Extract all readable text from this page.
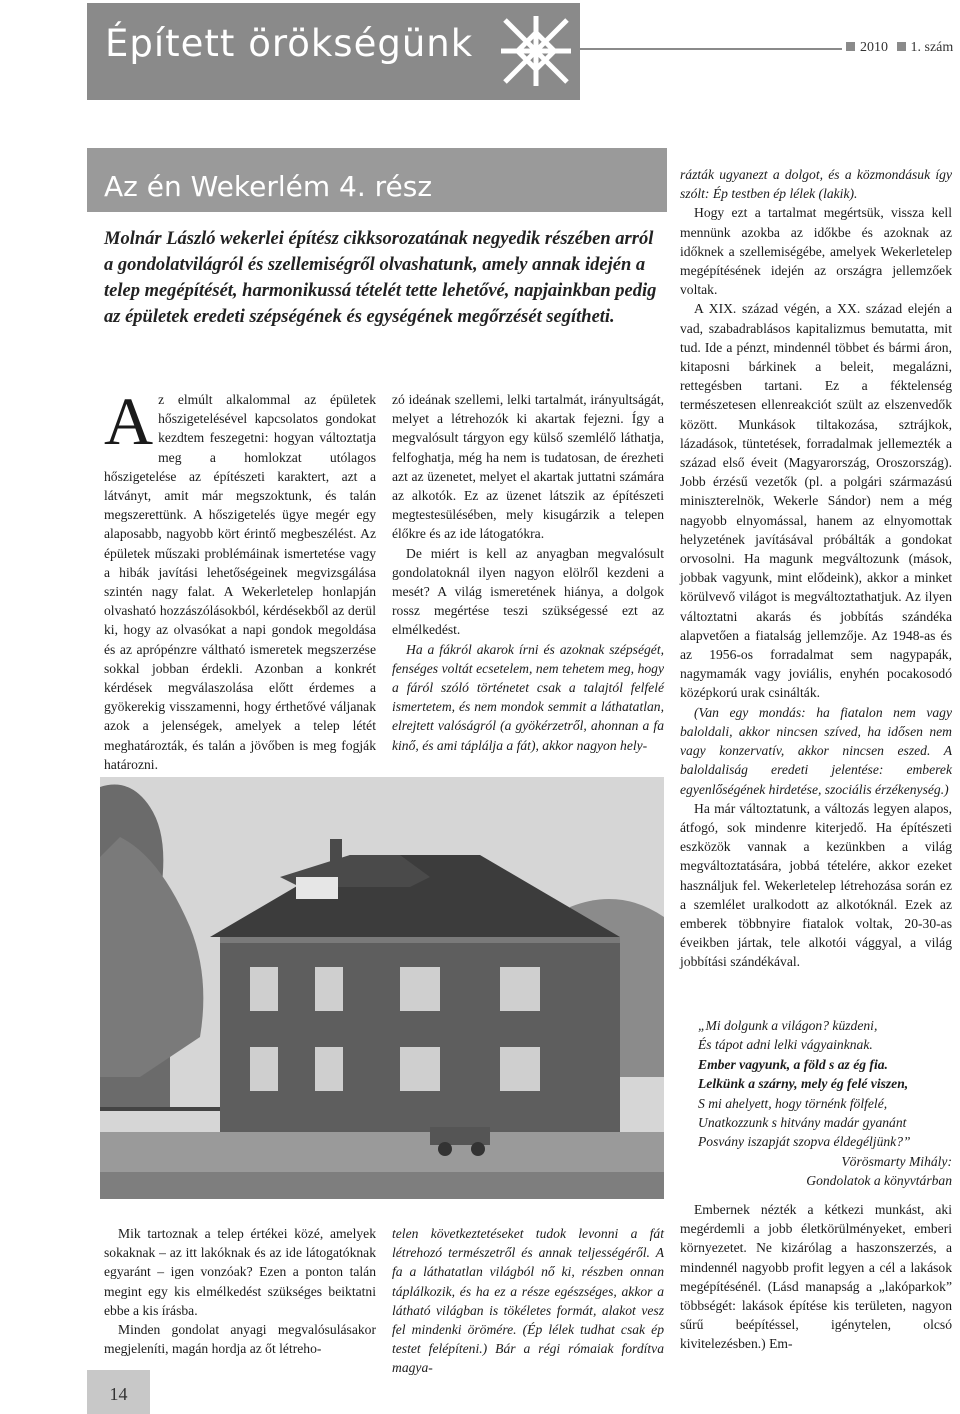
Épített örökségünk	2010 1. szám
Az én Wekerlém 4. rész
Molnár László wekerlei építész cikksorozatának negyedik részében arról a gondolatvilágról és szellemiségről olvashatunk, amely annak idején a telep megépítését, harmonikussá tételét tette lehetővé, napjainkban pedig az épületek eredeti szépségének és egységének megőrzését segítheti.

Az elmúlt alkalommal az épületek hőszigetelésével kapcsolatos gondokat kezdtem feszegetni: hogyan változtatja meg a homlokzat utólagos hőszigetelése az építészeti karaktert, azt a látványt, amit már megszoktunk, és talán megszerettünk. A hőszigetelés ügye megér egy alaposabb, nagyobb kört érintő megbeszélést. Az épületek műszaki problémáinak ismertetése vagy a hibák javítási lehetőségeinek megvizsgálása szintén nagy falat. A Wekerletelep honlapján olvasható hozzászólásokból, kérdésekből az derül ki, hogy az olvasókat a napi gondok megoldása és az aprópénzre váltható ismeretek megszerzése sokkal jobban érdekli. Azonban a konkrét kérdések megválaszolása előtt érdemes a gyökerekig visszamenni, hogy érthetővé váljanak azok a jelenségek, amelyek a telep létét meghatározták, és talán a jövőben is meg fogják határozni.

zó ideának szellemi, lelki tartalmát, irányultságát, melyet a létrehozók ki akartak fejezni. Így a megvalósult tárgyon egy külső szemlélő láthatja, felfoghatja, még ha nem is tudatosan, de érezheti azt az üzenetet, melyet el akartak juttatni számára az alkotók. Ez az üzenet látszik az építészeti megtestesülésében, mely kisugárzik a telepen élőkre és az ide látogatókra.

De miért is kell az anyagban megvalósult gondolatoknál ilyen nagyon elölről kezdeni a mesét? A világ ismeretének hiánya, a dolgok rossz megértése teszi szükségessé ezt az elmélkedést.

Ha a fákról akarok írni és azoknak szépségét, fenséges voltát ecsetelem, nem tehetem meg, hogy a fáról szóló történetet csak a talajtól felfelé ismertetem, és nem mondok semmit a láthatatlan, elrejtett valóságról (a gyökérzetről, ahonnan a fa kinő, és ami táplálja a fát), akkor nagyon hely-

rázták ugyanezt a dolgot, és a közmondásuk így szólt: Ép testben ép lélek (lakik).

Hogy ezt a tartalmat megértsük, vissza kell mennünk azokba az időkbe és azoknak az időknek a szellemiségébe, amelyek Wekerletelep megépítésének idején az országra jellemzőek voltak.

A XIX. század végén, a XX. század elején a vad, szabadrablásos kapitalizmus bemutatta, mit tud. Ide a pénzt, mindennél többet és bármi áron, kitaposni bárkinek a beleit, megalázni, rettegésben tartani. Ez a féktelenség természetesen ellenreakciót szült az elszenvedők között. Munkások tiltakozása, sztrájkok, lázadások, tüntetések, forradalmak jellemezték a század első éveit (Magyarország, Oroszország). Jobb érzésű vezetők (pl. a polgári származású miniszterelnök, Wekerle Sándor) nem a még nagyobb elnyomással, hanem az elnyomottak helyzetének javításával próbálták a gondokat orvosolni. Ha magunk megváltozunk (mások, jobbak vagyunk, mint elődeink), akkor a minket körülvevő világot is megváltoztathatjuk. Az ilyen változtatni akarás és jobbítás szándéka alapvetően a fiatalság jellemzője. Az 1948-as és az 1956-os forradalmat sem nagypapák, nagymamák vagy joviális, enyhén pocakosodó középkorú urak csinálták.

(Van egy mondás: ha fiatalon nem vagy baloldali, akkor nincsen szíved, ha idősen nem vagy konzervatív, akkor nincsen eszed. A baloldaliság eredeti jelentése: emberek egyenlőségének hirdetése, szociális érzékenység.)

Ha már változtatunk, a változás legyen alapos, átfogó, sok mindenre kiterjedő. Ha építészeti eszközök vannak a kezünkben a világ megváltoztatására, jobbá tételére, akkor ezeket használjuk fel. Wekerletelep létrehozása során ez a szemlélet uralkodott az alkotóknál. Ezek az emberek többnyire fiatalok voltak, 20-30-as éveikben jártak, tele alkotói vággyal, a világ jobbítási szándékával.

„Mi dolgunk a világon? küzdeni,
És tápot adni lelki vágyainknak.
Ember vagyunk, a föld s az ég fia.
Lelkünk a szárny, mely ég felé viszen,
S mi ahelyett, hogy törnénk fölfelé,
Unatkozzunk s hitvány madár gyanánt
Posvány iszapját szopva éldegéljünk?”
Vörösmarty Mihály:
Gondolatok a könyvtárban

Mik tartoznak a telep értékei közé, amelyek sokaknak – az itt lakóknak és az ide látogatóknak egyaránt – igen vonzóak? Ezen a ponton talán megint egy kis elmélkedést szükséges beiktatni ebbe a kis írásba.

Minden gondolat anyagi megvalósulásakor megjeleníti, magán hordja az őt létreho-

telen következtetéseket tudok levonni a fát létrehozó természetről és annak teljességéről. A fa a láthatatlan világból nő ki, részben onnan táplálkozik, és ha ez a része egészséges, akkor a látható világban is tökéletes formát, alakot vesz fel mindenki örömére. (Ép lélek tudhat csak ép testet felépíteni.) Bár a régi rómaiak fordítva magya-

Embernek nézték a kétkezi munkást, aki megérdemli a jobb életkörülményeket, emberi környezetet. Ne kizárólag a haszonszerzés, a mindennél nagyobb profit legyen a cél a lakások megépítésénél. (Lásd manapság a „lakóparkok” többségét: lakások építése kis területen, nagyon sűrű beépítéssel, igénytelen, olcsó kivitelezésben.) Em-

14
